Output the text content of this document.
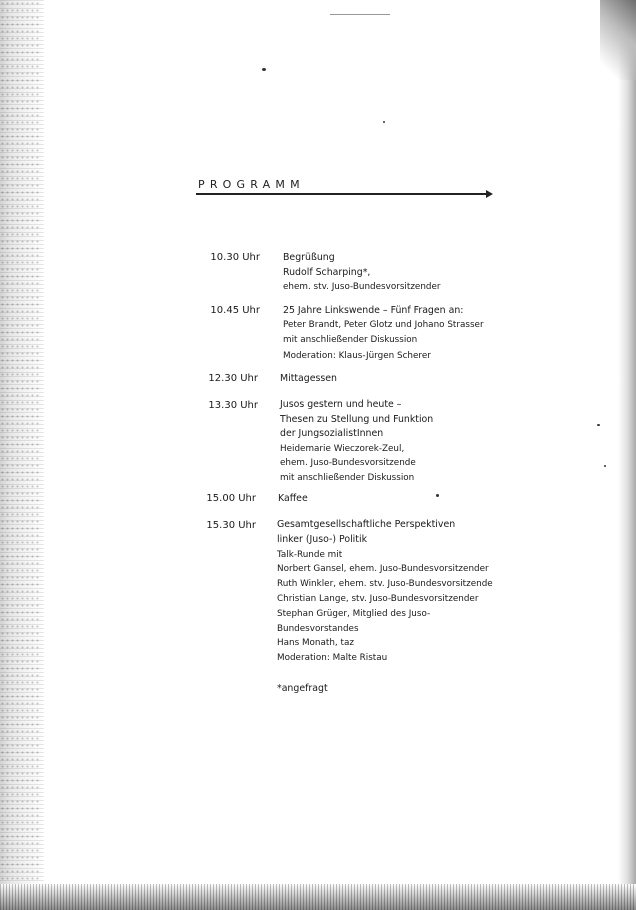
PROGRAMM
10.30 Uhr Begrüßung
Rudolf Scharping*,
ehem. stv. Juso-Bundesvorsitzender
10.45 Uhr 25 Jahre Linkswende – Fünf Fragen an:
Peter Brandt, Peter Glotz und Johano Strasser
mit anschließender Diskussion
Moderation: Klaus-Jürgen Scherer
12.30 Uhr Mittagessen
13.30 Uhr Jusos gestern und heute –
Thesen zu Stellung und Funktion
der JungsozialistInnen
Heidemarie Wieczorek-Zeul,
ehem. Juso-Bundesvorsitzende
mit anschließender Diskussion
15.00 Uhr Kaffee
15.30 Uhr Gesamtgesellschaftliche Perspektiven
linker (Juso-) Politik
Talk-Runde mit
Norbert Gansel, ehem. Juso-Bundesvorsitzender
Ruth Winkler, ehem. stv. Juso-Bundesvorsitzende
Christian Lange, stv. Juso-Bundesvorsitzender
Stephan Grüger, Mitglied des Juso-
Bundesvorstandes
Hans Monath, taz
Moderation: Malte Ristau
*angefragt
